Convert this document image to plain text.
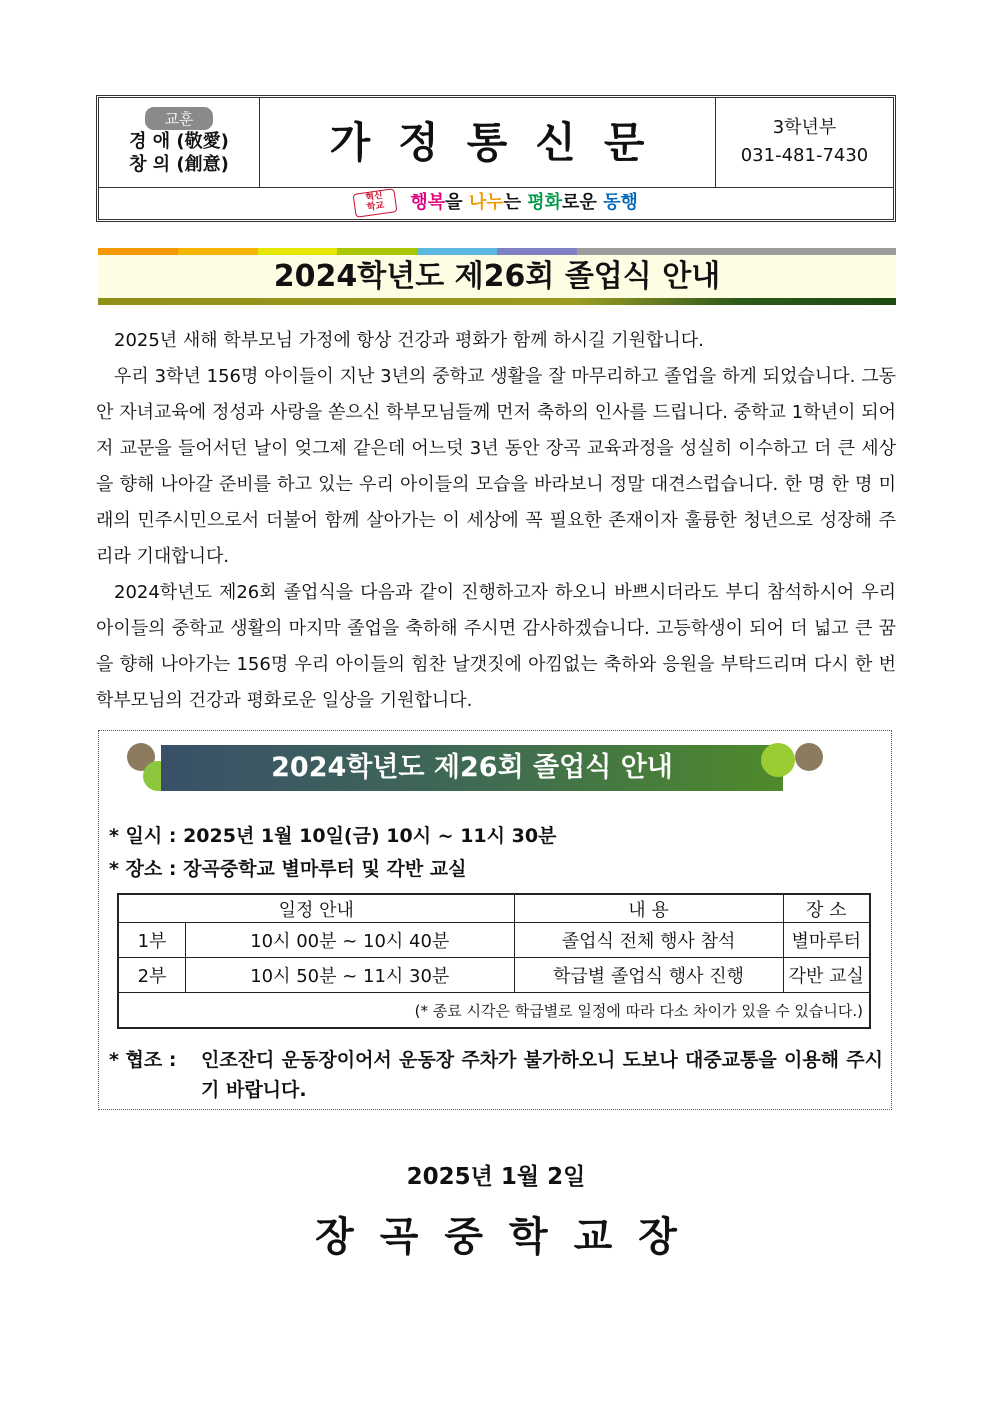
교훈
경 애 (敬愛)
창 의 (創意)	가정통신문	3학년부
031-481-7430
혁신
학교 행복을 나누는 평화로운 동행
2024학년도 제26회 졸업식 안내

2025년 새해 학부모님 가정에 항상 건강과 평화가 함께 하시길 기원합니다.

우리 3학년 156명 아이들이 지난 3년의 중학교 생활을 잘 마무리하고 졸업을 하게 되었습니다. 그동안 자녀교육에 정성과 사랑을 쏟으신 학부모님들께 먼저 축하의 인사를 드립니다. 중학교 1학년이 되어 저 교문을 들어서던 날이 엊그제 같은데 어느덧 3년 동안 장곡 교육과정을 성실히 이수하고 더 큰 세상을 향해 나아갈 준비를 하고 있는 우리 아이들의 모습을 바라보니 정말 대견스럽습니다. 한 명 한 명 미래의 민주시민으로서 더불어 함께 살아가는 이 세상에 꼭 필요한 존재이자 훌륭한 청년으로 성장해 주리라 기대합니다.

2024학년도 제26회 졸업식을 다음과 같이 진행하고자 하오니 바쁘시더라도 부디 참석하시어 우리 아이들의 중학교 생활의 마지막 졸업을 축하해 주시면 감사하겠습니다. 고등학생이 되어 더 넓고 큰 꿈을 향해 나아가는 156명 우리 아이들의 힘찬 날갯짓에 아낌없는 축하와 응원을 부탁드리며 다시 한 번 학부모님의 건강과 평화로운 일상을 기원합니다.

2024학년도 제26회 졸업식 안내
* 일시 : 2025년 1월 10일(금) 10시 ~ 11시 30분
* 장소 : 장곡중학교 별마루터 및 각반 교실
일정 안내		내 용	장 소
1부	10시 00분 ~ 10시 40분	졸업식 전체 행사 참석	별마루터
2부	10시 50분 ~ 11시 30분	학급별 졸업식 행사 진행	각반 교실
(* 종료 시각은 학급별로 일정에 따라 다소 차이가 있을 수 있습니다.)			
* 협조 : 인조잔디 운동장이어서 운동장 주차가 불가하오니 도보나 대중교통을 이용해 주시기 바랍니다.
2025년 1월 2일
장곡중학교장
